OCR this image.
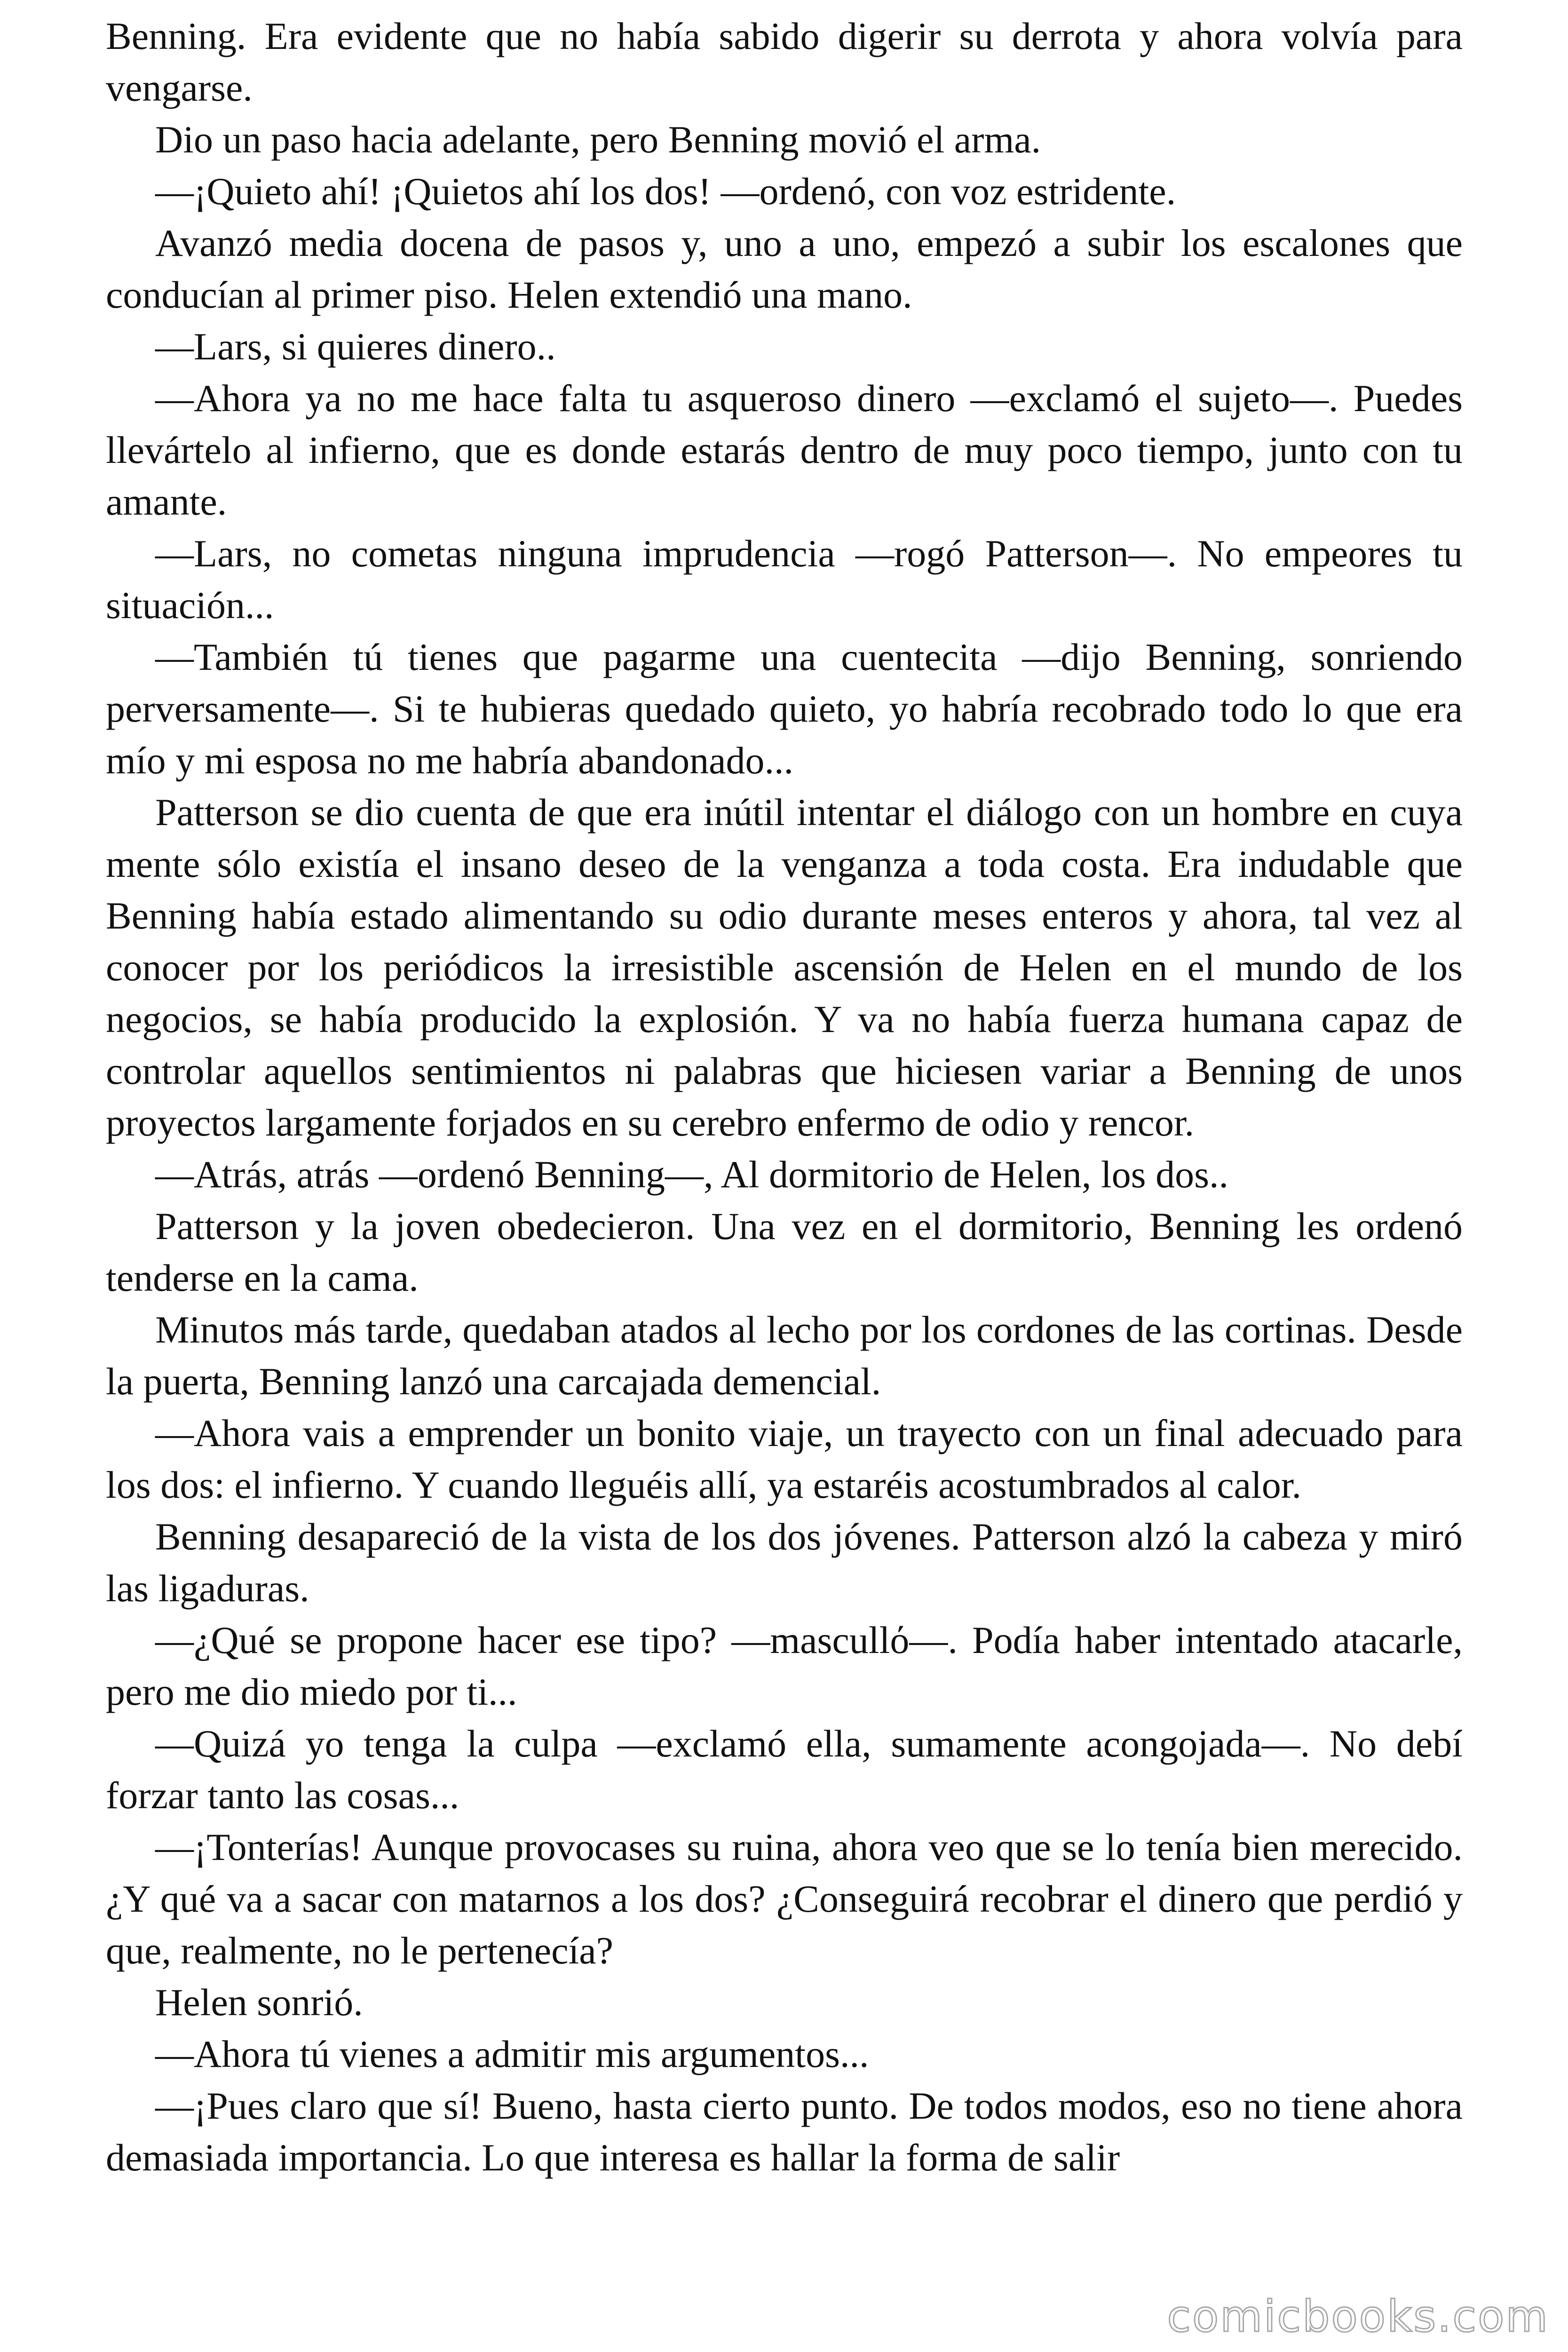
Benning. Era evidente que no había sabido digerir su derrota y ahora volvía para vengarse.

Dio un paso hacia adelante, pero Benning movió el arma.

—¡Quieto ahí! ¡Quietos ahí los dos! —ordenó, con voz estridente.

Avanzó media docena de pasos y, uno a uno, empezó a subir los escalones que conducían al primer piso. Helen extendió una mano.

—Lars, si quieres dinero..

—Ahora ya no me hace falta tu asqueroso dinero —exclamó el sujeto—. Puedes llevártelo al infierno, que es donde estarás dentro de muy poco tiempo, junto con tu amante.

—Lars, no cometas ninguna imprudencia —rogó Patterson—. No empeores tu situación...

—También tú tienes que pagarme una cuentecita —dijo Benning, sonriendo perversamente—. Si te hubieras quedado quieto, yo habría recobrado todo lo que era mío y mi esposa no me habría abandonado...

Patterson se dio cuenta de que era inútil intentar el diálogo con un hombre en cuya mente sólo existía el insano deseo de la venganza a toda costa. Era indudable que Benning había estado alimentando su odio durante meses enteros y ahora, tal vez al conocer por los periódicos la irresistible ascensión de Helen en el mundo de los negocios, se había producido la explosión. Y va no había fuerza humana capaz de controlar aquellos sentimientos ni palabras que hiciesen variar a Benning de unos proyectos largamente forjados en su cerebro enfermo de odio y rencor.

—Atrás, atrás —ordenó Benning—, Al dormitorio de Helen, los dos..

Patterson y la joven obedecieron. Una vez en el dormitorio, Benning les ordenó tenderse en la cama.

Minutos más tarde, quedaban atados al lecho por los cordones de las cortinas. Desde la puerta, Benning lanzó una carcajada demencial.

—Ahora vais a emprender un bonito viaje, un trayecto con un final adecuado para los dos: el infierno. Y cuando lleguéis allí, ya estaréis acostumbrados al calor.

Benning desapareció de la vista de los dos jóvenes. Patterson alzó la cabeza y miró las ligaduras.

—¿Qué se propone hacer ese tipo? —mascullό—. Podía haber intentado atacarle, pero me dio miedo por ti...

—Quizá yo tenga la culpa —exclamó ella, sumamente acongojada—. No debí forzar tanto las cosas...

—¡Tonterías! Aunque provocases su ruina, ahora veo que se lo tenía bien merecido. ¿Y qué va a sacar con matarnos a los dos? ¿Conseguirá recobrar el dinero que perdió y que, realmente, no le pertenecía?

Helen sonrió.

—Ahora tú vienes a admitir mis argumentos...

—¡Pues claro que sí! Bueno, hasta cierto punto. De todos modos, eso no tiene ahora demasiada importancia. Lo que interesa es hallar la forma de salir

comicbooks.com
